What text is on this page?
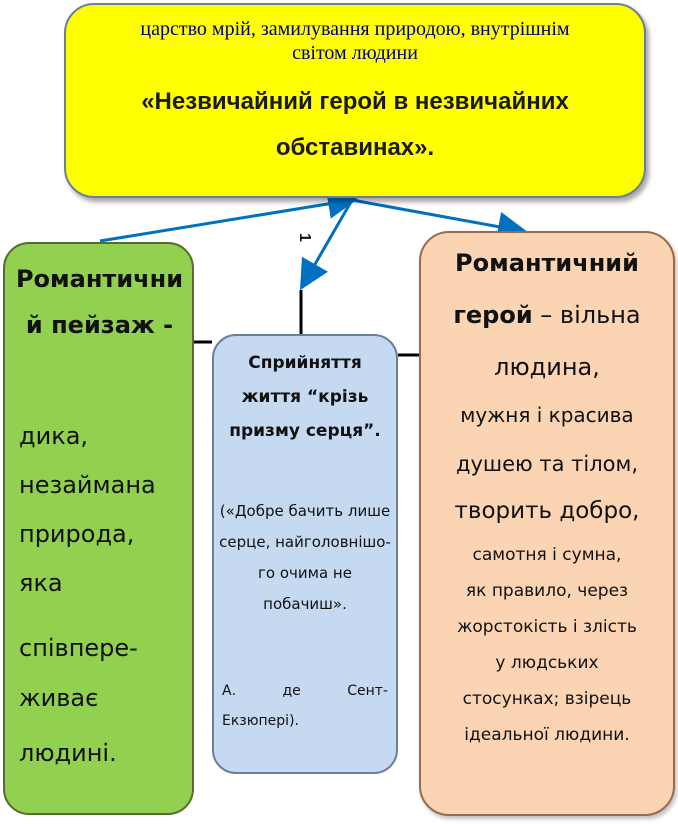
1
царство мрій, замилування природою, внутрішнім світом людини
«Незвичайний герой в незвичайних обставинах».
Романтичний пейзаж -
дика,
незаймана
природа,
яка
співпере-
живає
людині.
Сприйняття життя “крізь призму серця”.
(«Добре бачить лише серце, найголовнішо-го очима не побачиш».
А. де Сент-
Екзюпері).
Романтичний
герой – вільна
людина,
мужня і красива
душею та тілом,
творить добро,
самотня і сумна,
як правило, через
жорстокість і злість
у людських
стосунках; взірець
ідеальної людини.
